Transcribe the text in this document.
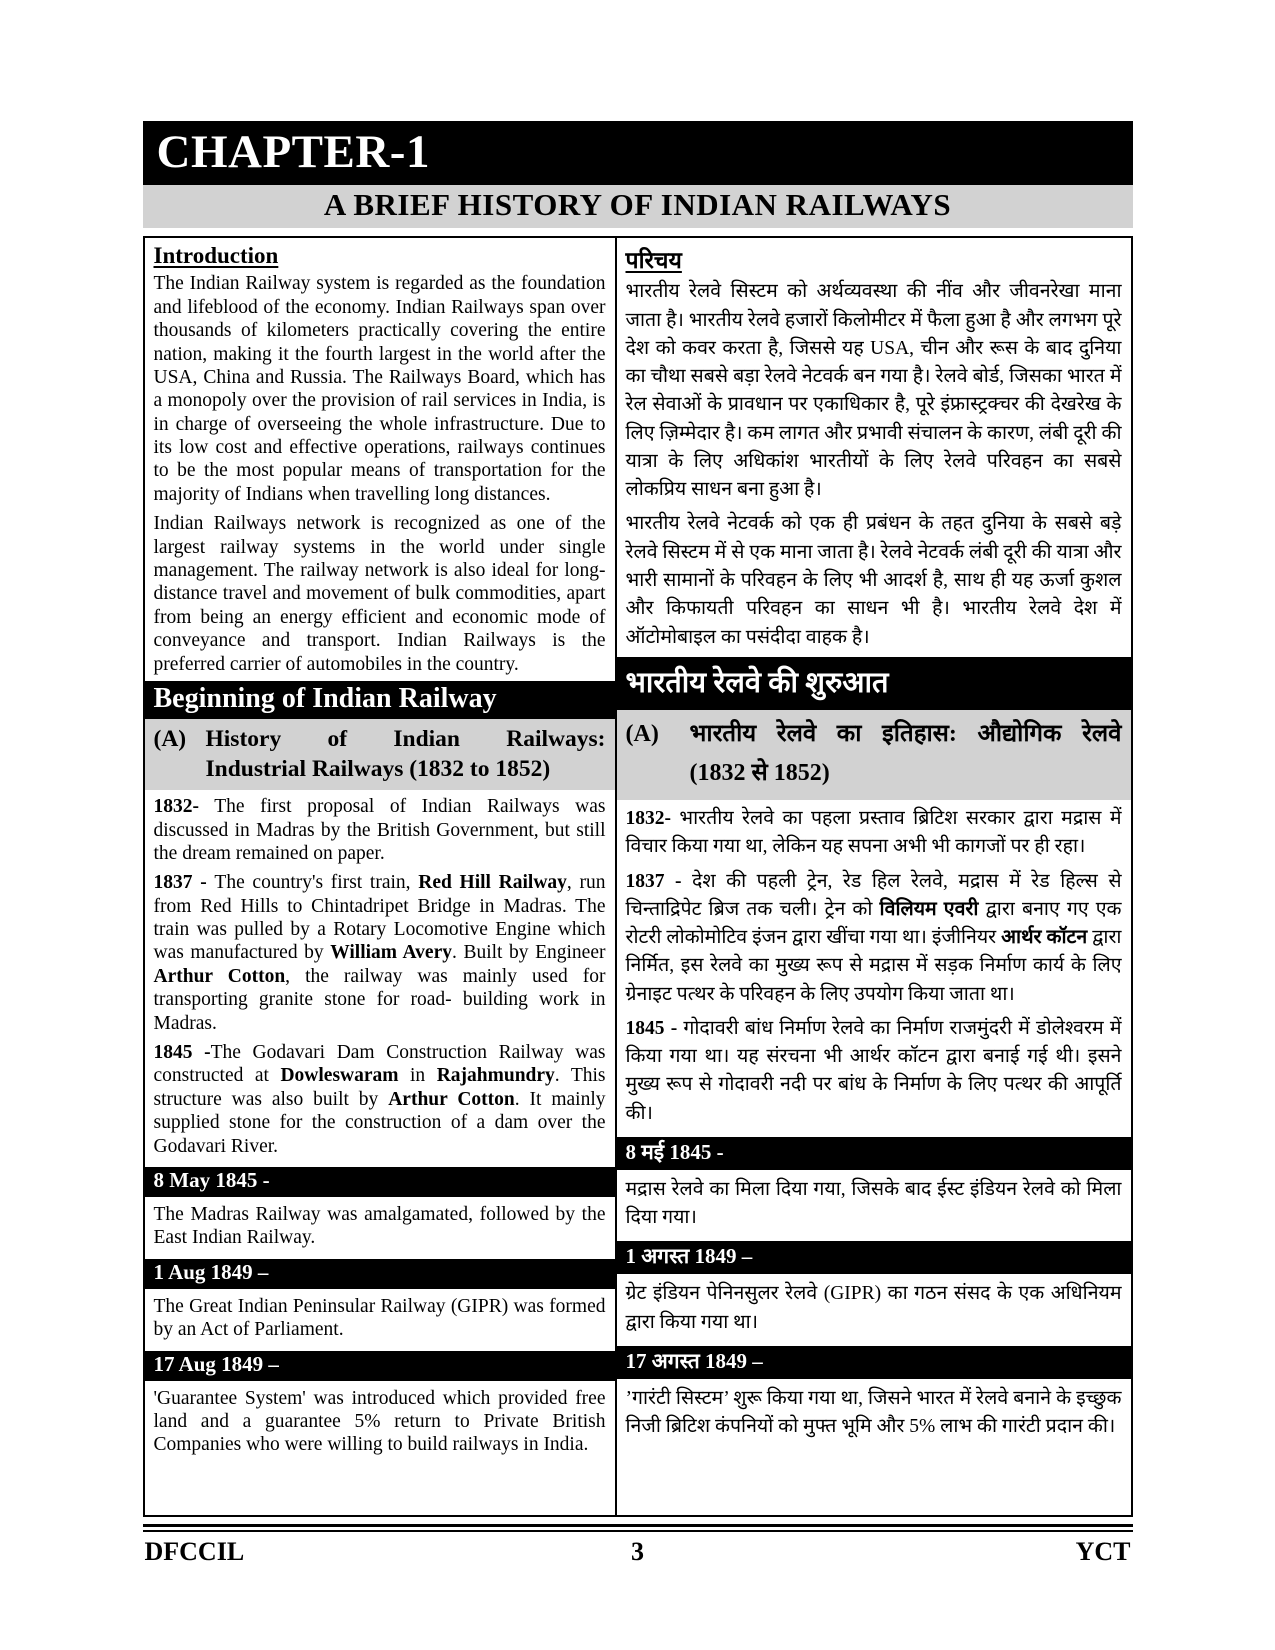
CHAPTER-1
A BRIEF HISTORY OF INDIAN RAILWAYS
Introduction

The Indian Railway system is regarded as the foundation and lifeblood of the economy. Indian Railways span over thousands of kilometers practically covering the entire nation, making it the fourth largest in the world after the USA, China and Russia. The Railways Board, which has a monopoly over the provision of rail services in India, is in charge of overseeing the whole infrastructure. Due to its low cost and effective operations, railways continues to be the most popular means of transportation for the majority of Indians when travelling long distances.

Indian Railways network is recognized as one of the largest railway systems in the world under single management. The railway network is also ideal for long-distance travel and movement of bulk commodities, apart from being an energy efficient and economic mode of conveyance and transport. Indian Railways is the preferred carrier of automobiles in the country.

Beginning of Indian Railway
(A) History of Indian Railways:
Industrial Railways (1832 to 1852)

1832- The first proposal of Indian Railways was discussed in Madras by the British Government, but still the dream remained on paper.

1837 - The country's first train, Red Hill Railway, run from Red Hills to Chintadripet Bridge in Madras. The train was pulled by a Rotary Locomotive Engine which was manufactured by William Avery. Built by Engineer Arthur Cotton, the railway was mainly used for transporting granite stone for road- building work in Madras.

1845 -The Godavari Dam Construction Railway was constructed at Dowleswaram in Rajahmundry. This structure was also built by Arthur Cotton. It mainly supplied stone for the construction of a dam over the Godavari River.

8 May 1845 -

The Madras Railway was amalgamated, followed by the East Indian Railway.

1 Aug 1849 –

The Great Indian Peninsular Railway (GIPR) was formed by an Act of Parliament.

17 Aug 1849 –

'Guarantee System' was introduced which provided free land and a guarantee 5% return to Private British Companies who were willing to build railways in India.

परिचय

भारतीय रेलवे सिस्टम को अर्थव्यवस्था की नींव और जीवनरेखा माना जाता है। भारतीय रेलवे हजारों किलोमीटर में फैला हुआ है और लगभग पूरे देश को कवर करता है, जिससे यह USA, चीन और रूस के बाद दुनिया का चौथा सबसे बड़ा रेलवे नेटवर्क बन गया है। रेलवे बोर्ड, जिसका भारत में रेल सेवाओं के प्रावधान पर एकाधिकार है, पूरे इंफ्रास्ट्रक्चर की देखरेख के लिए ज़िम्मेदार है। कम लागत और प्रभावी संचालन के कारण, लंबी दूरी की यात्रा के लिए अधिकांश भारतीयों के लिए रेलवे परिवहन का सबसे लोकप्रिय साधन बना हुआ है।

भारतीय रेलवे नेटवर्क को एक ही प्रबंधन के तहत दुनिया के सबसे बड़े रेलवे सिस्टम में से एक माना जाता है। रेलवे नेटवर्क लंबी दूरी की यात्रा और भारी सामानों के परिवहन के लिए भी आदर्श है, साथ ही यह ऊर्जा कुशल और किफायती परिवहन का साधन भी है। भारतीय रेलवे देश में ऑटोमोबाइल का पसंदीदा वाहक है।

भारतीय रेलवे की शुरुआत
(A)	भारतीय रेलवे का इतिहास: औद्योगिक रेलवे
(1832 से 1852)

1832- भारतीय रेलवे का पहला प्रस्ताव ब्रिटिश सरकार द्वारा मद्रास में विचार किया गया था, लेकिन यह सपना अभी भी कागजों पर ही रहा।

1837 - देश की पहली ट्रेन, रेड हिल रेलवे, मद्रास में रेड हिल्स से चिन्ताद्रिपेट ब्रिज तक चली। ट्रेन को विलियम एवरी द्वारा बनाए गए एक रोटरी लोकोमोटिव इंजन द्वारा खींचा गया था। इंजीनियर आर्थर कॉटन द्वारा निर्मित, इस रेलवे का मुख्य रूप से मद्रास में सड़क निर्माण कार्य के लिए ग्रेनाइट पत्थर के परिवहन के लिए उपयोग किया जाता था।

1845 - गोदावरी बांध निर्माण रेलवे का निर्माण राजमुंदरी में डोलेश्वरम में किया गया था। यह संरचना भी आर्थर कॉटन द्वारा बनाई गई थी। इसने मुख्य रूप से गोदावरी नदी पर बांध के निर्माण के लिए पत्थर की आपूर्ति की।

8 मई 1845 -

मद्रास रेलवे का मिला दिया गया, जिसके बाद ईस्ट इंडियन रेलवे को मिला दिया गया।

1 अगस्त 1849 –

ग्रेट इंडियन पेनिनसुलर रेलवे (GIPR) का गठन संसद के एक अधिनियम द्वारा किया गया था।

17 अगस्त 1849 –

’गारंटी सिस्टम’ शुरू किया गया था, जिसने भारत में रेलवे बनाने के इच्छुक निजी ब्रिटिश कंपनियों को मुफ्त भूमि और 5% लाभ की गारंटी प्रदान की।

DFCCIL	3	YCT
